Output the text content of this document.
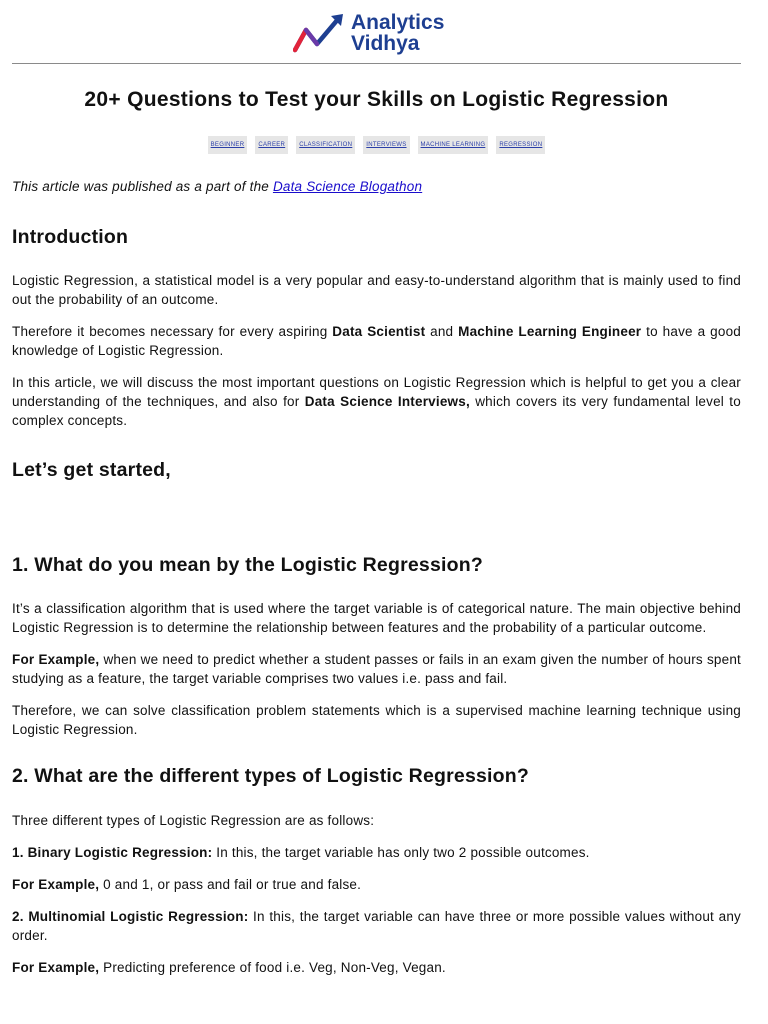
Analytics
Vidhya
20+ Questions to Test your Skills on Logistic Regression
BEGINNER	CAREER	CLASSIFICATION	INTERVIEWS	MACHINE LEARNING	REGRESSION
This article was published as a part of the Data Science Blogathon
Introduction

Logistic Regression, a statistical model is a very popular and easy-to-understand algorithm that is mainly used to find out the probability of an outcome.

Therefore it becomes necessary for every aspiring Data Scientist and Machine Learning Engineer to have a good knowledge of Logistic Regression.

In this article, we will discuss the most important questions on Logistic Regression which is helpful to get you a clear understanding of the techniques, and also for Data Science Interviews, which covers its very fundamental level to complex concepts.

Let’s get started,
1. What do you mean by the Logistic Regression?

It’s a classification algorithm that is used where the target variable is of categorical nature. The main objective behind Logistic Regression is to determine the relationship between features and the probability of a particular outcome.

For Example, when we need to predict whether a student passes or fails in an exam given the number of hours spent studying as a feature, the target variable comprises two values i.e. pass and fail.

Therefore, we can solve classification problem statements which is a supervised machine learning technique using Logistic Regression.

2. What are the different types of Logistic Regression?

Three different types of Logistic Regression are as follows:

1. Binary Logistic Regression: In this, the target variable has only two 2 possible outcomes.

For Example, 0 and 1, or pass and fail or true and false.

2. Multinomial Logistic Regression: In this, the target variable can have three or more possible values without any order.

For Example, Predicting preference of food i.e. Veg, Non-Veg, Vegan.
